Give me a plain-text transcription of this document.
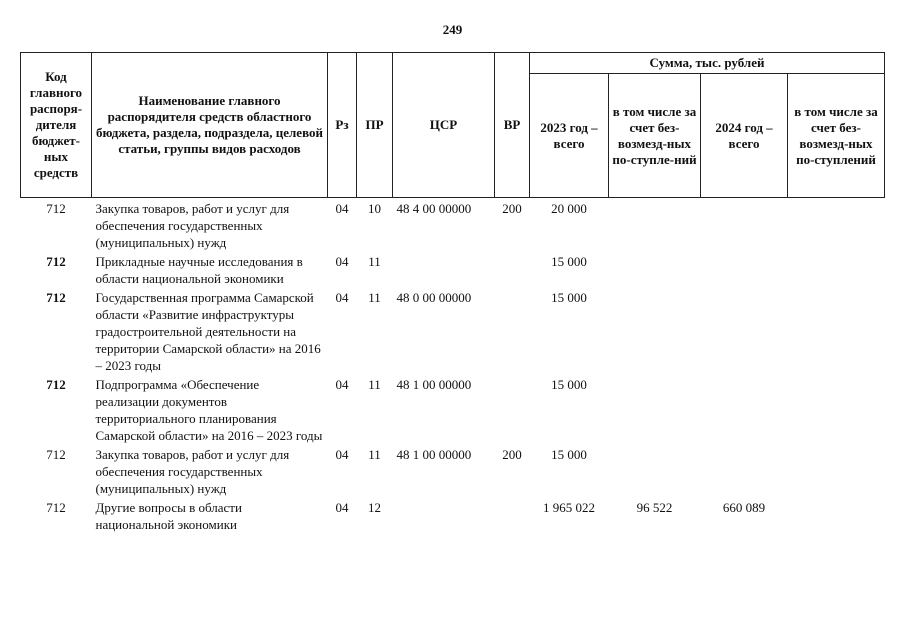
249
Код главного распоря-дителя бюджет-ных средств	Наименование главного распорядителя средств областного бюджета, раздела, подраздела, целевой статьи, группы видов расходов	Рз	ПР	ЦСР	ВР	Сумма, тыс. рублей			
						2023 год – всего	в том числе за счет без-возмезд-ных по-ступле-ний	2024 год – всего	в том числе за счет без-возмезд-ных по-ступлений
712	Закупка товаров, работ и услуг для обеспечения государственных (муниципальных) нужд	04	10	48 4 00 00000	200	20 000			
712	Прикладные научные исследования в области национальной экономики	04	11			15 000			
712	Государственная программа Самарской области «Развитие инфраструктуры градостроительной деятельности на территории Самарской области» на 2016 – 2023 годы	04	11	48 0 00 00000		15 000			
712	Подпрограмма «Обеспечение реализации документов территориального планирования Самарской области» на 2016 – 2023 годы	04	11	48 1 00 00000		15 000			
712	Закупка товаров, работ и услуг для обеспечения государственных (муниципальных) нужд	04	11	48 1 00 00000	200	15 000			
712	Другие вопросы в области национальной экономики	04	12			1 965 022	96 522	660 089	
